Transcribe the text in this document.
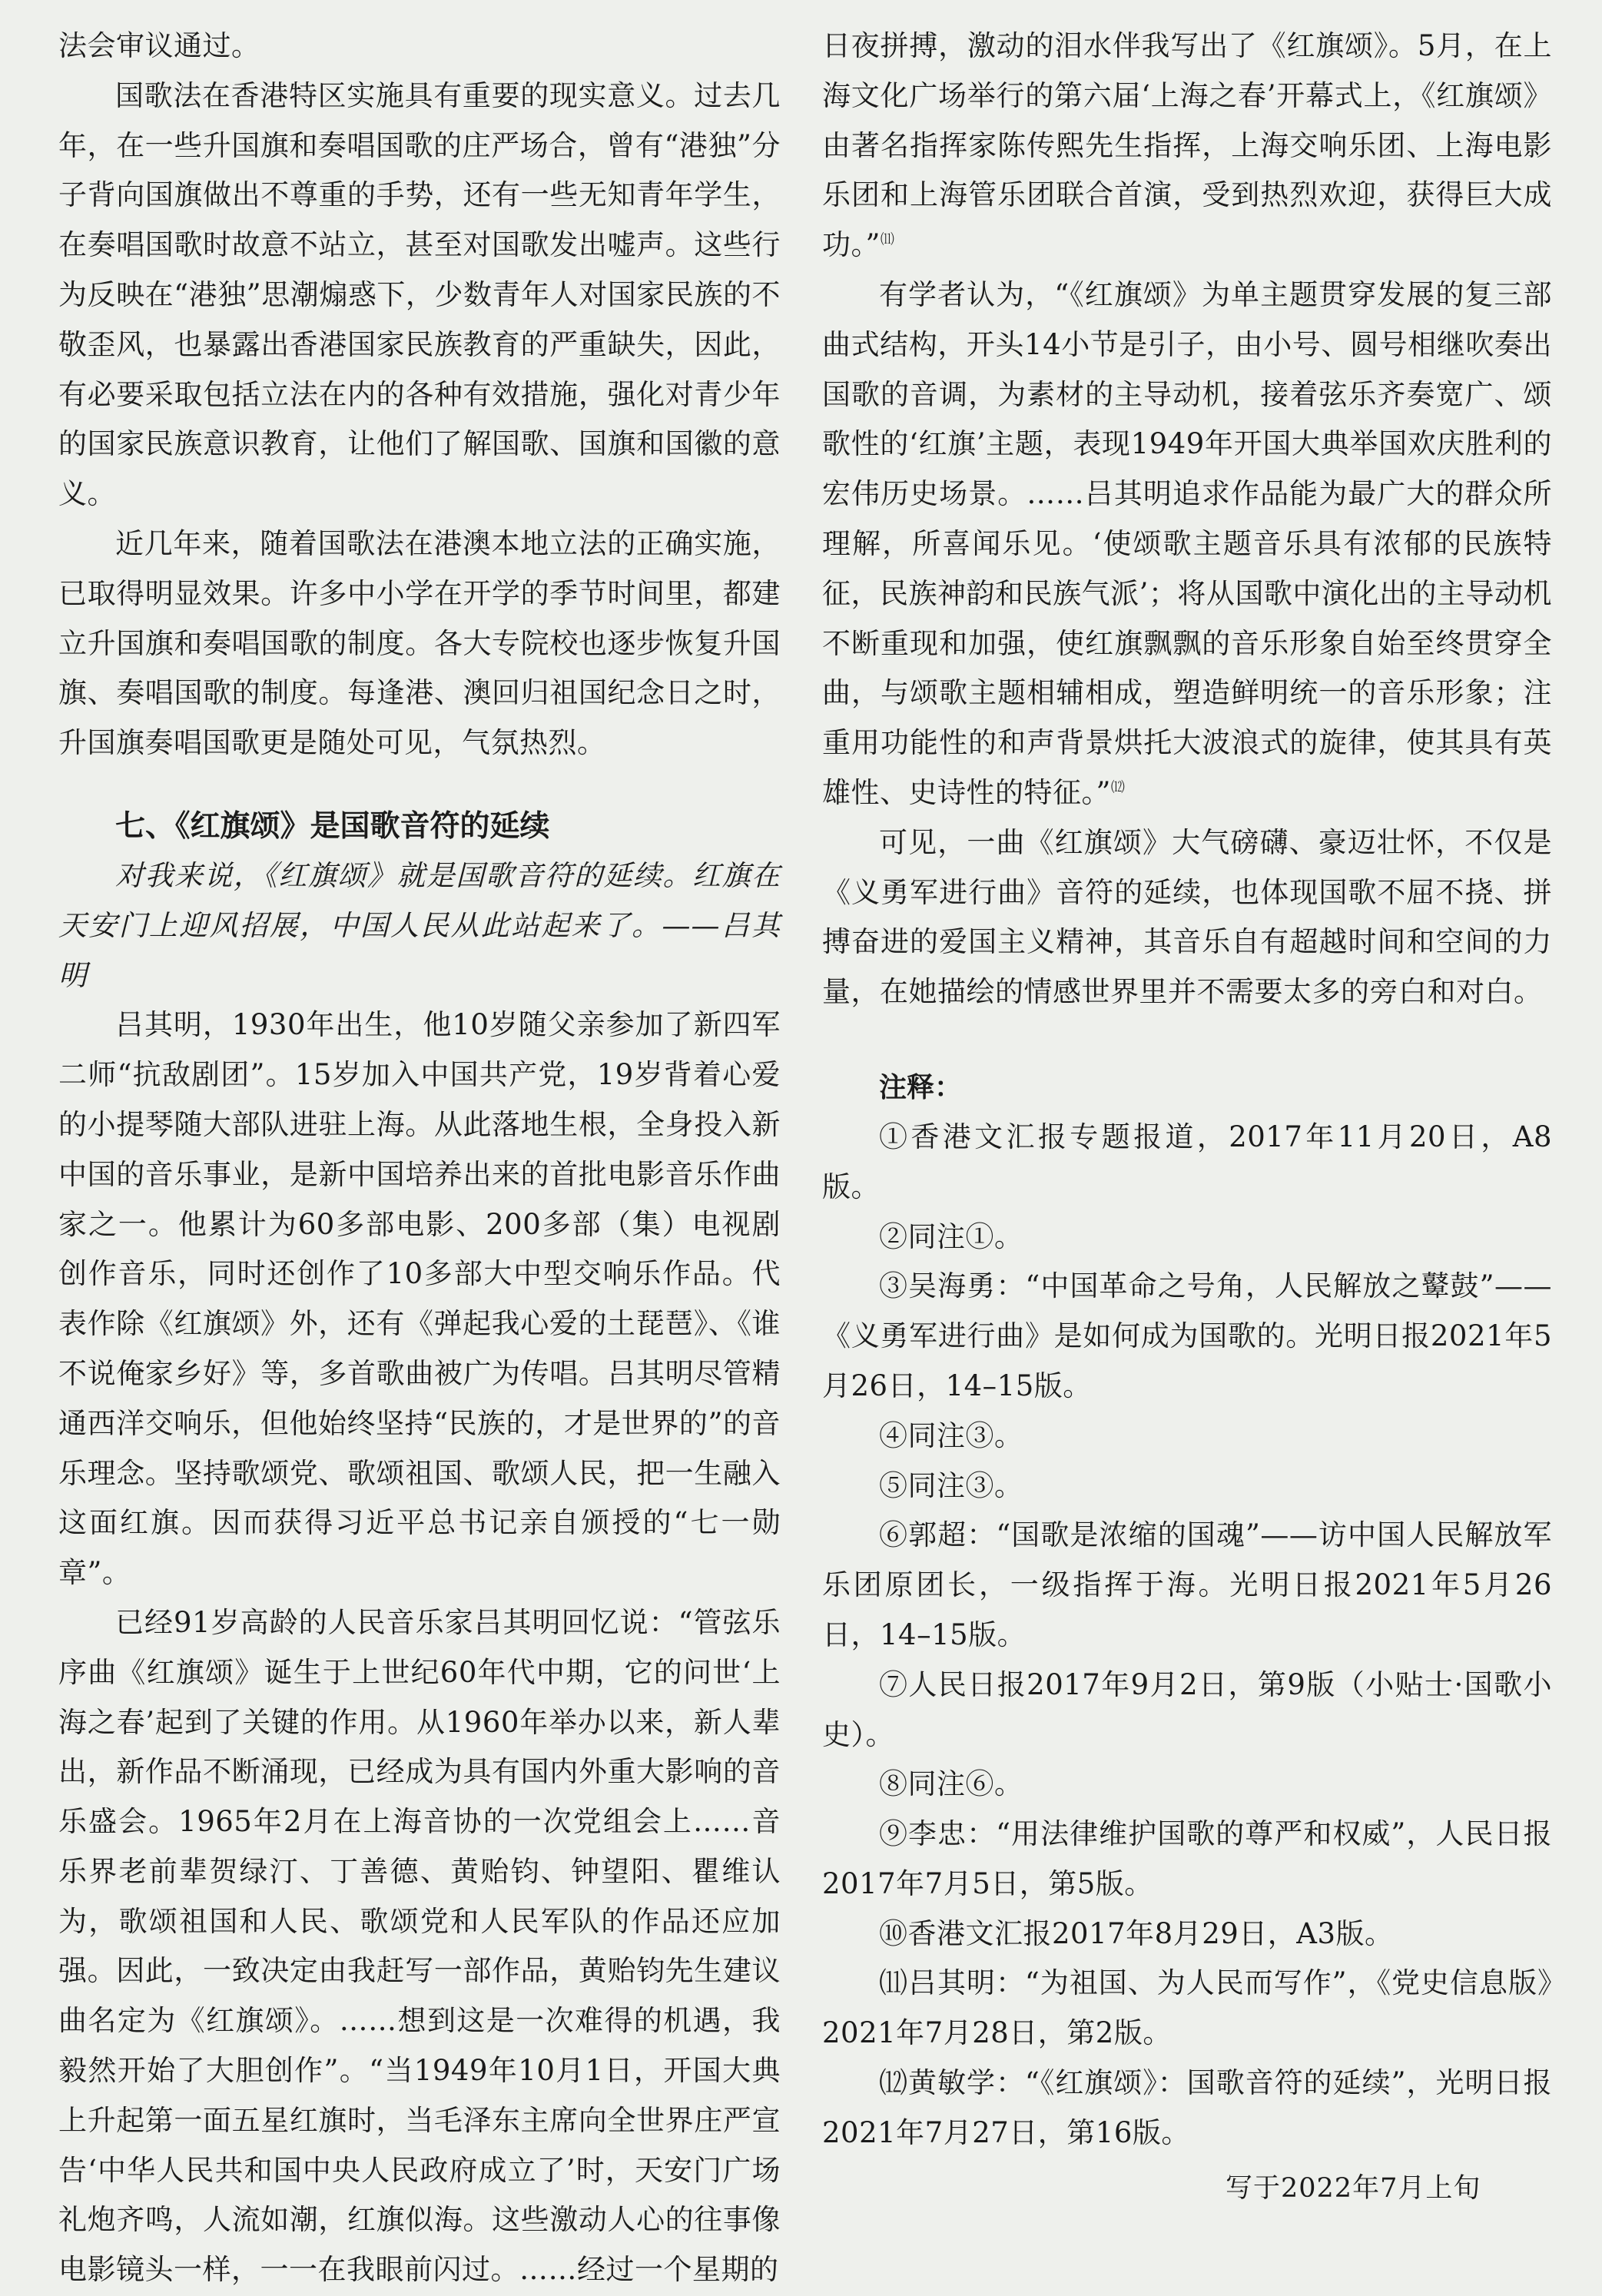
法会审议通过。

国歌法在香港特区实施具有重要的现实意义。过去几年，在一些升国旗和奏唱国歌的庄严场合，曾有“港独”分子背向国旗做出不尊重的手势，还有一些无知青年学生，在奏唱国歌时故意不站立，甚至对国歌发出嘘声。这些行为反映在“港独”思潮煽惑下，少数青年人对国家民族的不敬歪风，也暴露出香港国家民族教育的严重缺失，因此，有必要采取包括立法在内的各种有效措施，强化对青少年的国家民族意识教育，让他们了解国歌、国旗和国徽的意义。

近几年来，随着国歌法在港澳本地立法的正确实施，已取得明显效果。许多中小学在开学的季节时间里，都建立升国旗和奏唱国歌的制度。各大专院校也逐步恢复升国旗、奏唱国歌的制度。每逢港、澳回归祖国纪念日之时，升国旗奏唱国歌更是随处可见，气氛热烈。

七、《红旗颂》是国歌音符的延续

对我来说，《红旗颂》就是国歌音符的延续。红旗在天安门上迎风招展，中国人民从此站起来了。——吕其明

吕其明，1930年出生，他10岁随父亲参加了新四军二师“抗敌剧团”。15岁加入中国共产党，19岁背着心爱的小提琴随大部队进驻上海。从此落地生根，全身投入新中国的音乐事业，是新中国培养出来的首批电影音乐作曲家之一。他累计为60多部电影、200多部（集）电视剧创作音乐，同时还创作了10多部大中型交响乐作品。代表作除《红旗颂》外，还有《弹起我心爱的土琵琶》、《谁不说俺家乡好》等，多首歌曲被广为传唱。吕其明尽管精通西洋交响乐，但他始终坚持“民族的，才是世界的”的音乐理念。坚持歌颂党、歌颂祖国、歌颂人民，把一生融入这面红旗。因而获得习近平总书记亲自颁授的“七一勋章”。

已经91岁高龄的人民音乐家吕其明回忆说：“管弦乐序曲《红旗颂》诞生于上世纪60年代中期，它的问世‘上海之春’起到了关键的作用。从1960年举办以来，新人辈出，新作品不断涌现，已经成为具有国内外重大影响的音乐盛会。1965年2月在上海音协的一次党组会上……音乐界老前辈贺绿汀、丁善德、黄贻钧、钟望阳、瞿维认为，歌颂祖国和人民、歌颂党和人民军队的作品还应加强。因此，一致决定由我赶写一部作品，黄贻钧先生建议曲名定为《红旗颂》。……想到这是一次难得的机遇，我毅然开始了大胆创作”。“当1949年10月1日，开国大典上升起第一面五星红旗时，当毛泽东主席向全世界庄严宣告‘中华人民共和国中央人民政府成立了’时，天安门广场礼炮齐鸣，人流如潮，红旗似海。这些激动人心的往事像电影镜头一样，一一在我眼前闪过。……经过一个星期的

日夜拼搏，激动的泪水伴我写出了《红旗颂》。5月，在上海文化广场举行的第六届‘上海之春’开幕式上，《红旗颂》由著名指挥家陈传熙先生指挥，上海交响乐团、上海电影乐团和上海管乐团联合首演，受到热烈欢迎，获得巨大成功。”⑾

有学者认为，“《红旗颂》为单主题贯穿发展的复三部曲式结构，开头14小节是引子，由小号、圆号相继吹奏出国歌的音调，为素材的主导动机，接着弦乐齐奏宽广、颂歌性的‘红旗’主题，表现1949年开国大典举国欢庆胜利的宏伟历史场景。……吕其明追求作品能为最广大的群众所理解，所喜闻乐见。‘使颂歌主题音乐具有浓郁的民族特征，民族神韵和民族气派’；将从国歌中演化出的主导动机不断重现和加强，使红旗飘飘的音乐形象自始至终贯穿全曲，与颂歌主题相辅相成，塑造鲜明统一的音乐形象；注重用功能性的和声背景烘托大波浪式的旋律，使其具有英雄性、史诗性的特征。”⑿

可见，一曲《红旗颂》大气磅礴、豪迈壮怀，不仅是《义勇军进行曲》音符的延续，也体现国歌不屈不挠、拼搏奋进的爱国主义精神，其音乐自有超越时间和空间的力量，在她描绘的情感世界里并不需要太多的旁白和对白。

注释：

①香港文汇报专题报道，2017年11月20日，A8版。

②同注①。

③吴海勇：“中国革命之号角，人民解放之鼙鼓”——《义勇军进行曲》是如何成为国歌的。光明日报2021年5月26日，14–15版。

④同注③。

⑤同注③。

⑥郭超：“国歌是浓缩的国魂”——访中国人民解放军乐团原团长，一级指挥于海。光明日报2021年5月26日，14–15版。

⑦人民日报2017年9月2日，第9版（小贴士·国歌小史）。

⑧同注⑥。

⑨李忠：“用法律维护国歌的尊严和权威”，人民日报2017年7月5日，第5版。

⑩香港文汇报2017年8月29日，A3版。

⑾吕其明：“为祖国、为人民而写作”，《党史信息版》2021年7月28日，第2版。

⑿黄敏学：“《红旗颂》：国歌音符的延续”，光明日报2021年7月27日，第16版。

写于2022年7月上旬
